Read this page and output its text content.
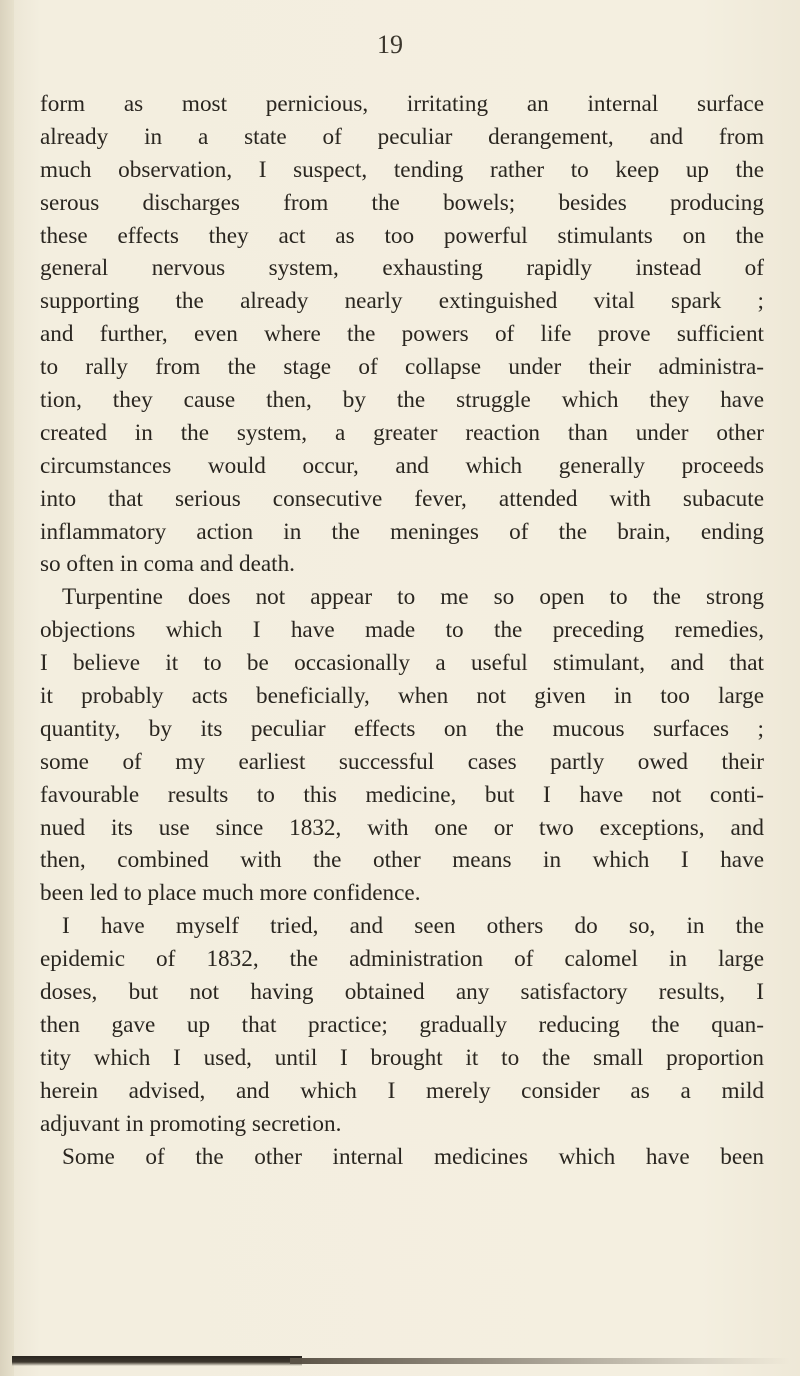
19
form as most pernicious, irritating an internal surface
already in a state of peculiar derangement, and from
much observation, I suspect, tending rather to keep up the
serous discharges from the bowels; besides producing
these effects they act as too powerful stimulants on the
general nervous system, exhausting rapidly instead of
supporting the already nearly extinguished vital spark ;
and further, even where the powers of life prove sufficient
to rally from the stage of collapse under their administra-
tion, they cause then, by the struggle which they have
created in the system, a greater reaction than under other
circumstances would occur, and which generally proceeds
into that serious consecutive fever, attended with subacute
inflammatory action in the meninges of the brain, ending
so often in coma and death.
Turpentine does not appear to me so open to the strong
objections which I have made to the preceding remedies,
I believe it to be occasionally a useful stimulant, and that
it probably acts beneficially, when not given in too large
quantity, by its peculiar effects on the mucous surfaces ;
some of my earliest successful cases partly owed their
favourable results to this medicine, but I have not conti-
nued its use since 1832, with one or two exceptions, and
then, combined with the other means in which I have
been led to place much more confidence.
I have myself tried, and seen others do so, in the
epidemic of 1832, the administration of calomel in large
doses, but not having obtained any satisfactory results, I
then gave up that practice; gradually reducing the quan-
tity which I used, until I brought it to the small proportion
herein advised, and which I merely consider as a mild
adjuvant in promoting secretion.
Some of the other internal medicines which have been
